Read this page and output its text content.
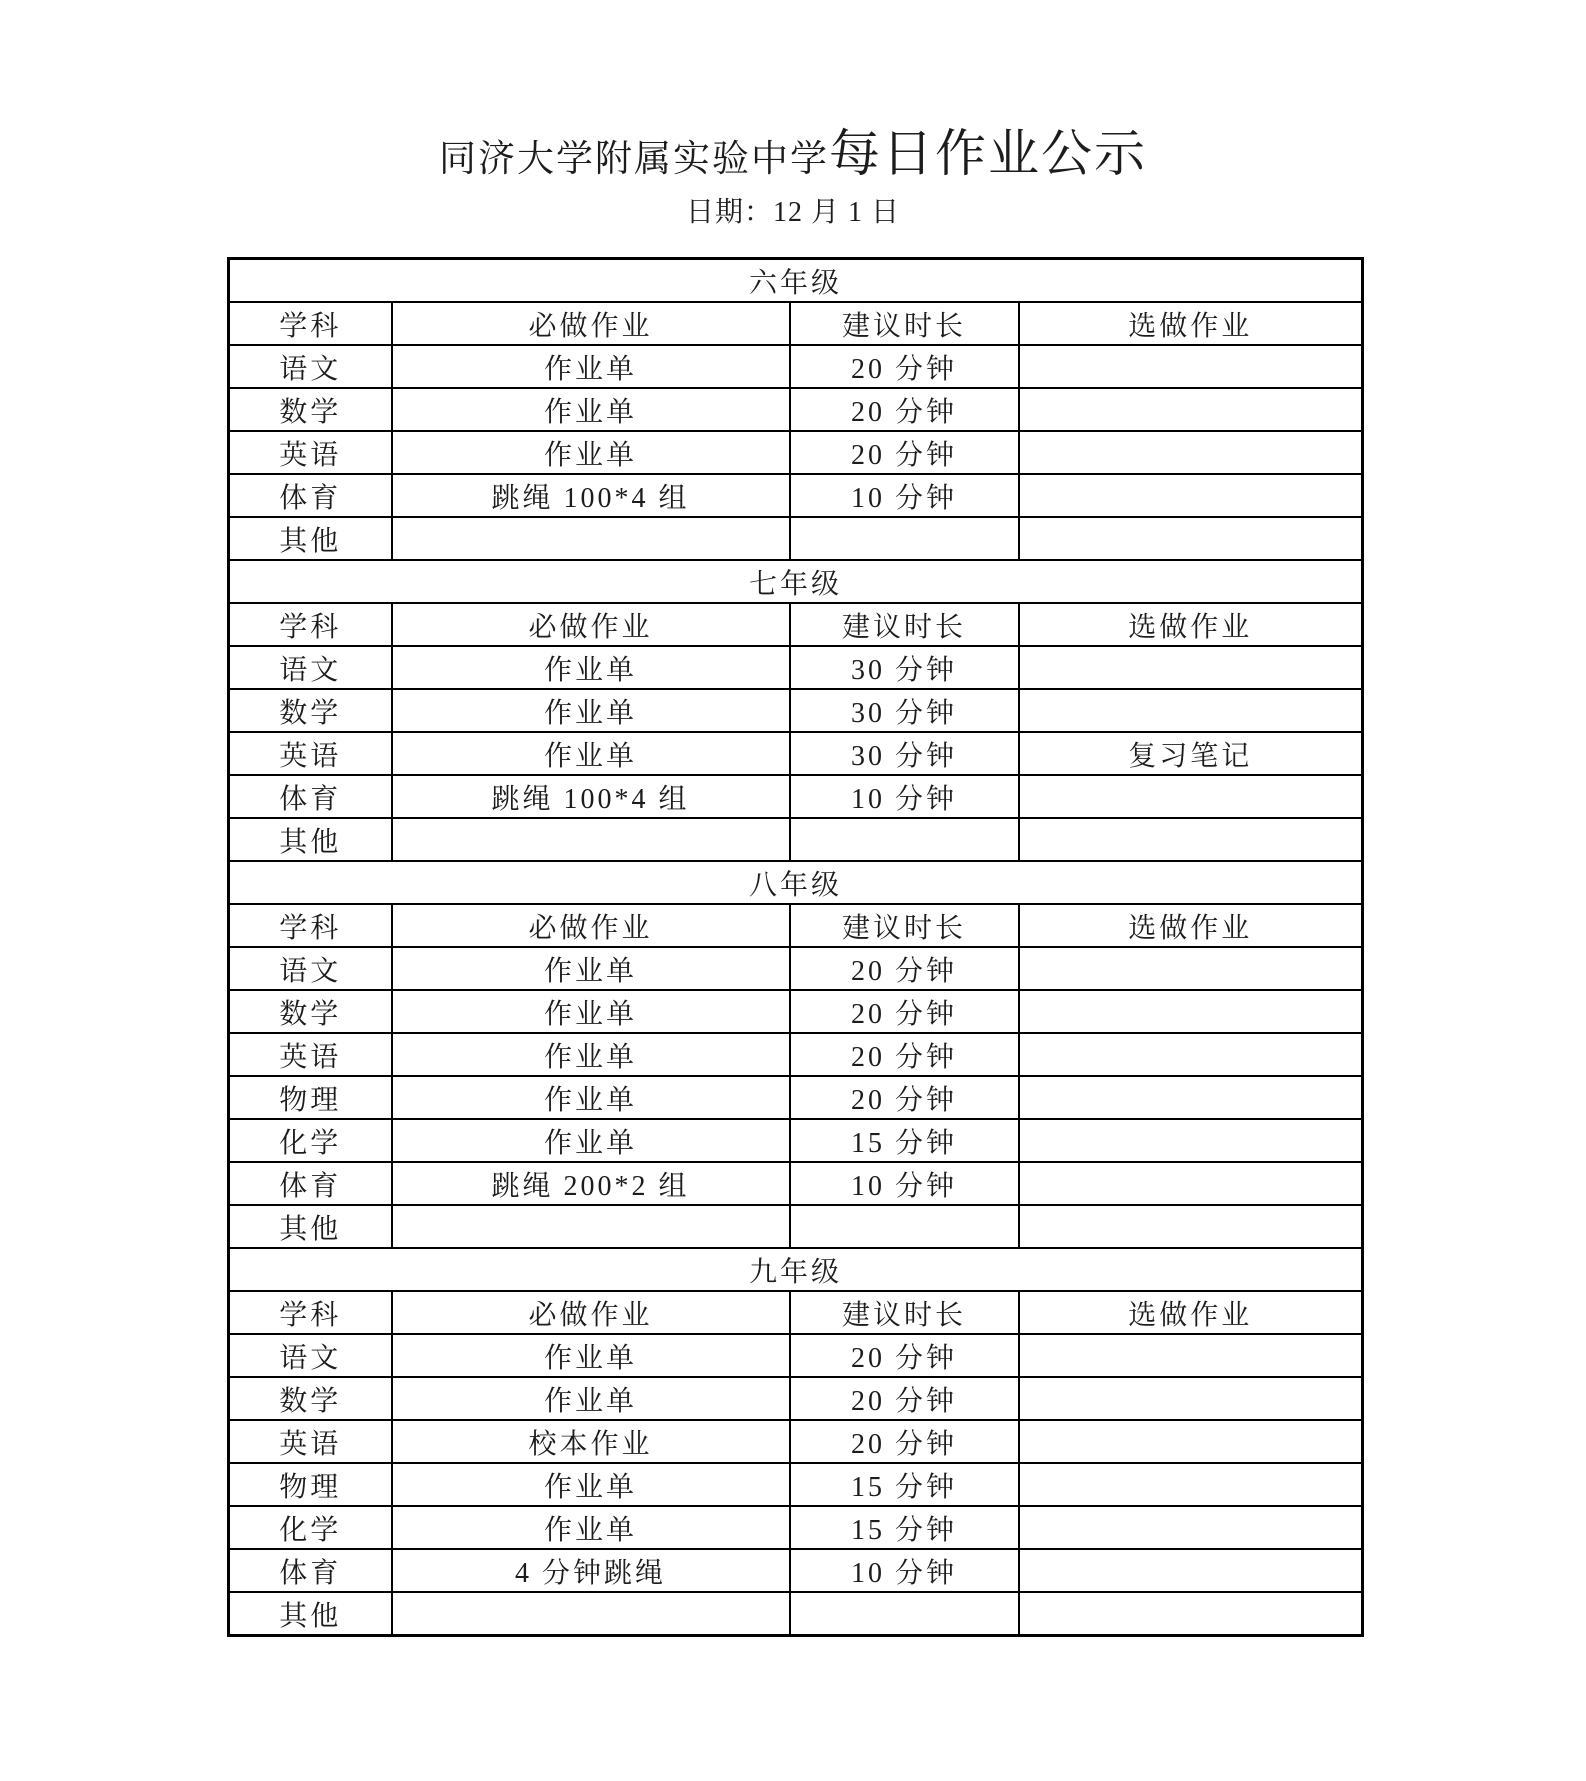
同济大学附属实验中学每日作业公示
日期：12 月 1 日
六年级			
学科	必做作业	建议时长	选做作业
语文	作业单	20 分钟	
数学	作业单	20 分钟	
英语	作业单	20 分钟	
体育	跳绳 100*4 组	10 分钟	
其他			
七年级			
学科	必做作业	建议时长	选做作业
语文	作业单	30 分钟	
数学	作业单	30 分钟	
英语	作业单	30 分钟	复习笔记
体育	跳绳 100*4 组	10 分钟	
其他			
八年级			
学科	必做作业	建议时长	选做作业
语文	作业单	20 分钟	
数学	作业单	20 分钟	
英语	作业单	20 分钟	
物理	作业单	20 分钟	
化学	作业单	15 分钟	
体育	跳绳 200*2 组	10 分钟	
其他			
九年级			
学科	必做作业	建议时长	选做作业
语文	作业单	20 分钟	
数学	作业单	20 分钟	
英语	校本作业	20 分钟	
物理	作业单	15 分钟	
化学	作业单	15 分钟	
体育	4 分钟跳绳	10 分钟	
其他			
